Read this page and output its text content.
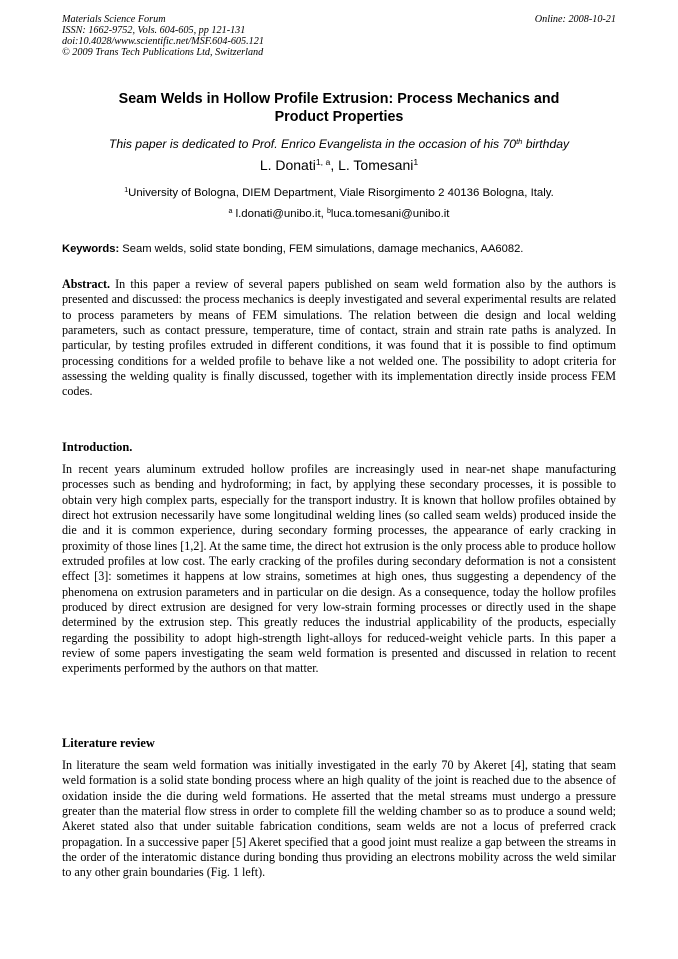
Materials Science Forum
ISSN: 1662-9752, Vols. 604-605, pp 121-131
doi:10.4028/www.scientific.net/MSF.604-605.121
© 2009 Trans Tech Publications Ltd, Switzerland
Online: 2008-10-21
Seam Welds in Hollow Profile Extrusion: Process Mechanics and
Product Properties
This paper is dedicated to Prof. Enrico Evangelista in the occasion of his 70th birthday
L. Donati$^{1, a}$, L. Tomesani$^1$
$^1$University of Bologna, DIEM Department, Viale Risorgimento 2 40136 Bologna, Italy.
$^a$ l.donati@unibo.it, $^b$luca.tomesani@unibo.it
Keywords: Seam welds, solid state bonding, FEM simulations, damage mechanics, AA6082.

Abstract. In this paper a review of several papers published on seam weld formation also by the authors is presented and discussed: the process mechanics is deeply investigated and several experimental results are related to process parameters by means of FEM simulations. The relation between die design and local welding parameters, such as contact pressure, temperature, time of contact, strain and strain rate paths is analyzed. In particular, by testing profiles extruded in different conditions, it was found that it is possible to find optimum processing conditions for a welded profile to behave like a not welded one. The possibility to adopt criteria for assessing the welding quality is finally discussed, together with its implementation directly inside process FEM codes.

Introduction.

In recent years aluminum extruded hollow profiles are increasingly used in near-net shape manufacturing processes such as bending and hydroforming; in fact, by applying these secondary processes, it is possible to obtain very high complex parts, especially for the transport industry. It is known that hollow profiles obtained by direct hot extrusion necessarily have some longitudinal welding lines (so called seam welds) produced inside the die and it is common experience, during secondary forming processes, the appearance of early cracking in proximity of those lines [1,2]. At the same time, the direct hot extrusion is the only process able to produce hollow extruded profiles at low cost. The early cracking of the profiles during secondary deformation is not a consistent effect [3]: sometimes it happens at low strains, sometimes at high ones, thus suggesting a dependency of the phenomena on extrusion parameters and in particular on die design. As a consequence, today the hollow profiles produced by direct extrusion are designed for very low-strain forming processes or directly used in the shape determined by the extrusion step. This greatly reduces the industrial applicability of the products, especially regarding the possibility to adopt high-strength light-alloys for reduced-weight vehicle parts. In this paper a review of some papers investigating the seam weld formation is presented and discussed in relation to recent experiments performed by the authors on that matter.

Literature review

In literature the seam weld formation was initially investigated in the early 70 by Akeret [4], stating that seam weld formation is a solid state bonding process where an high quality of the joint is reached due to the absence of oxidation inside the die during weld formations. He asserted that the metal streams must undergo a pressure greater than the material flow stress in order to complete fill the welding chamber so as to produce a sound weld; Akeret stated also that under suitable fabrication conditions, seam welds are not a locus of preferred crack propagation. In a successive paper [5] Akeret specified that a good joint must realize a gap between the streams in the order of the interatomic distance during bonding thus providing an electrons mobility across the weld similar to any other grain boundaries (Fig. 1 left).
